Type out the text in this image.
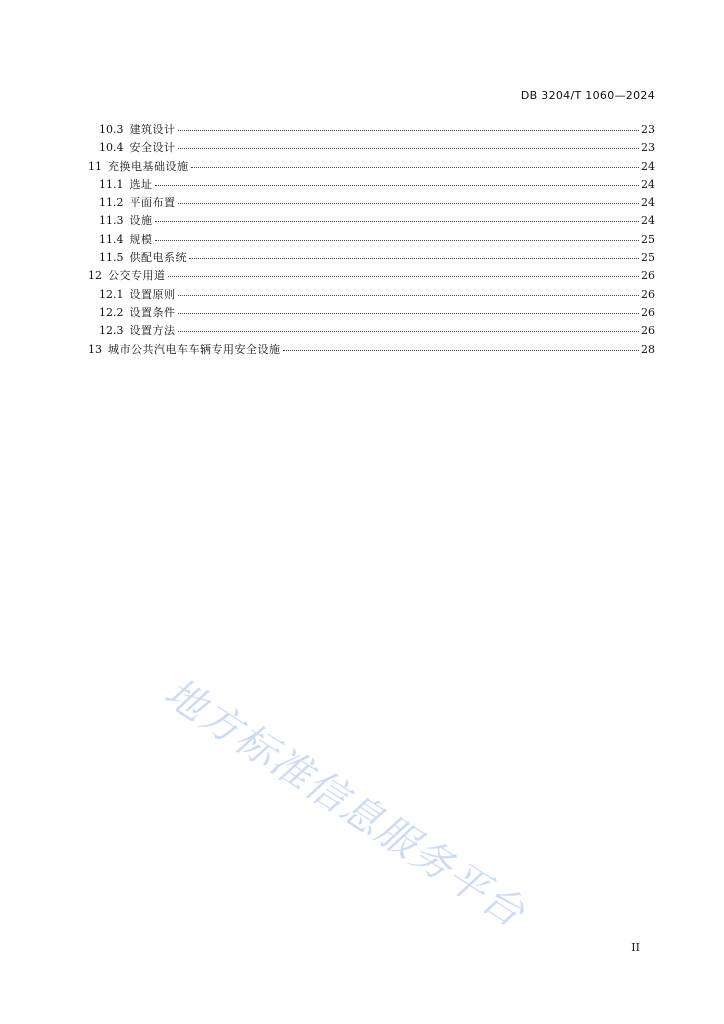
DB 3204/T 1060—2024
10.3 建筑设计	23
10.4 安全设计	23
11 充换电基础设施	24
11.1 选址	24
11.2 平面布置	24
11.3 设施	24
11.4 规模	25
11.5 供配电系统	25
12 公交专用道	26
12.1 设置原则	26
12.2 设置条件	26
12.3 设置方法	26
13 城市公共汽电车车辆专用安全设施	28
地方标准信息服务平台
II
